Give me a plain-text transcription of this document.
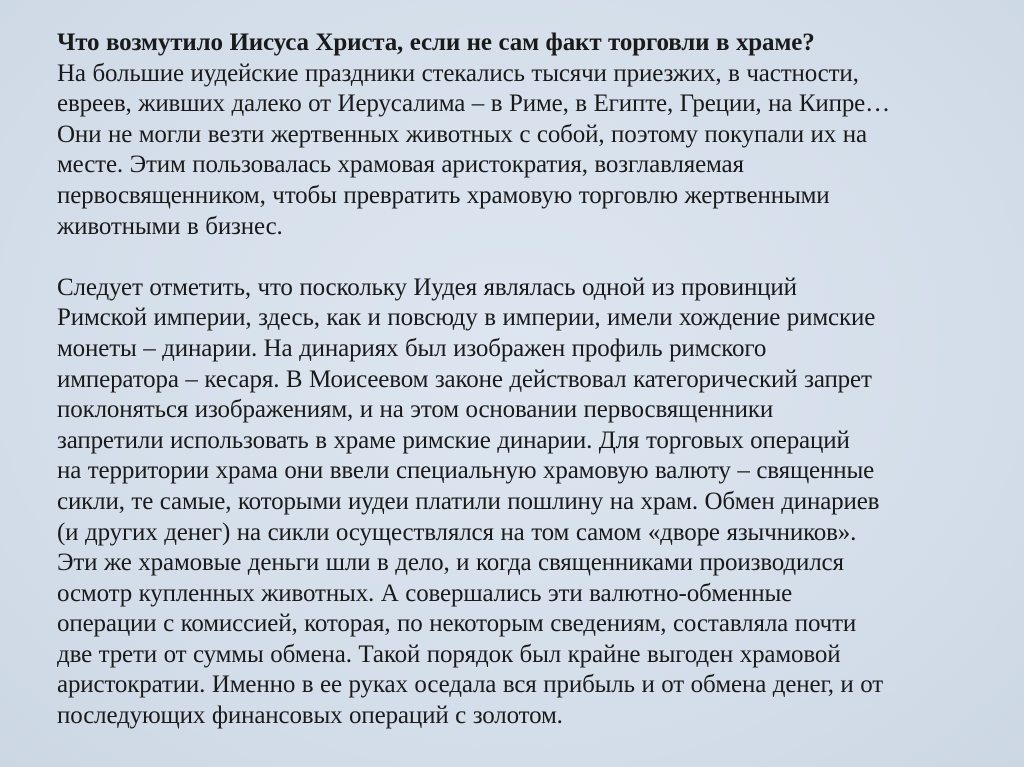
Что возмутило Иисуса Христа, если не сам факт торговли в храме?
На большие иудейские праздники стекались тысячи приезжих, в частности,
евреев, живших далеко от Иерусалима – в Риме, в Египте, Греции, на Кипре…
Они не могли везти жертвенных животных с собой, поэтому покупали их на
месте. Этим пользовалась храмовая аристократия, возглавляемая
первосвященником, чтобы превратить храмовую торговлю жертвенными
животными в бизнес.
Следует отметить, что поскольку Иудея являлась одной из провинций
Римской империи, здесь, как и повсюду в империи, имели хождение римские
монеты – динарии. На динариях был изображен профиль римского
императора – кесаря. В Моисеевом законе действовал категорический запрет
поклоняться изображениям, и на этом основании первосвященники
запретили использовать в храме римские динарии. Для торговых операций
на территории храма они ввели специальную храмовую валюту – священные
сикли, те самые, которыми иудеи платили пошлину на храм. Обмен динариев
(и других денег) на сикли осуществлялся на том самом «дворе язычников».
Эти же храмовые деньги шли в дело, и когда священниками производился
осмотр купленных животных. А совершались эти валютно-обменные
операции с комиссией, которая, по некоторым сведениям, составляла почти
две трети от суммы обмена. Такой порядок был крайне выгоден храмовой
аристократии. Именно в ее руках оседала вся прибыль и от обмена денег, и от
последующих финансовых операций с золотом.
